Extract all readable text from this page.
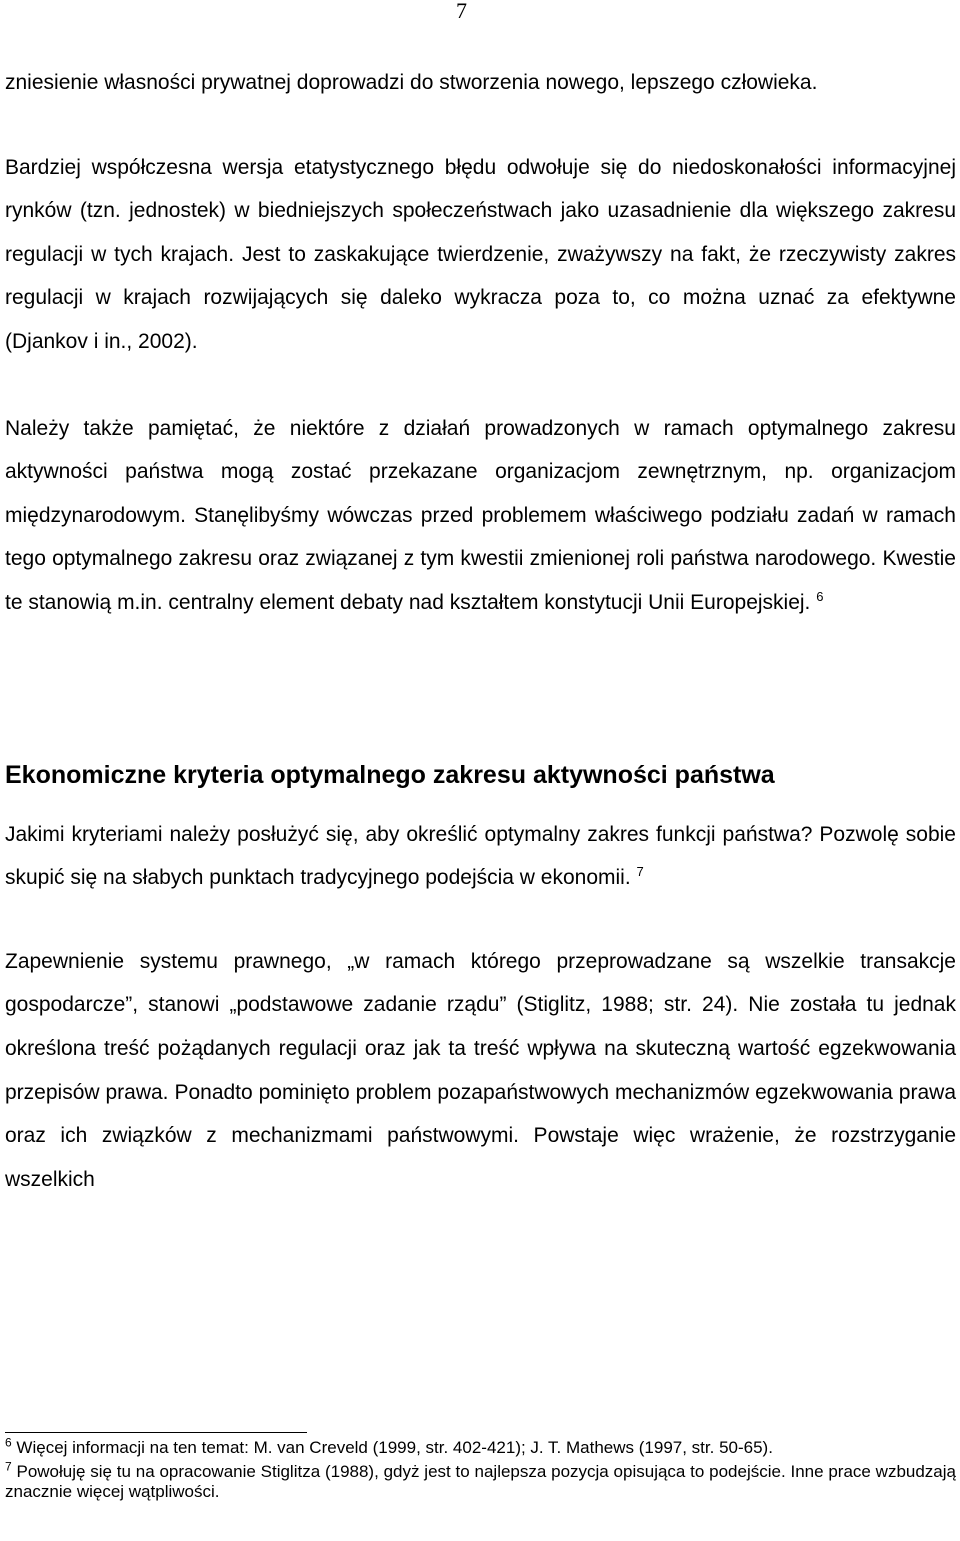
7

zniesienie własności prywatnej doprowadzi do stworzenia nowego, lepszego człowieka.

Bardziej współczesna wersja etatystycznego błędu odwołuje się do niedoskonałości informacyjnej rynków (tzn. jednostek) w biedniejszych społeczeństwach jako uzasadnienie dla większego zakresu regulacji w tych krajach. Jest to zaskakujące twierdzenie, zważywszy na fakt, że rzeczywisty zakres regulacji w krajach rozwijających się daleko wykracza poza to, co można uznać za efektywne (Djankov i in., 2002).

Należy także pamiętać, że niektóre z działań prowadzonych w ramach optymalnego zakresu aktywności państwa mogą zostać przekazane organizacjom zewnętrznym, np. organizacjom międzynarodowym. Stanęlibyśmy wówczas przed problemem właściwego podziału zadań w ramach tego optymalnego zakresu oraz związanej z tym kwestii zmienionej roli państwa narodowego. Kwestie te stanowią m.in. centralny element debaty nad kształtem konstytucji Unii Europejskiej. $^6$

Ekonomiczne kryteria optymalnego zakresu aktywności państwa

Jakimi kryteriami należy posłużyć się, aby określić optymalny zakres funkcji państwa? Pozwolę sobie skupić się na słabych punktach tradycyjnego podejścia w ekonomii. $^7$

Zapewnienie systemu prawnego, „w ramach którego przeprowadzane są wszelkie transakcje gospodarcze”, stanowi „podstawowe zadanie rządu” (Stiglitz, 1988; str. 24). Nie została tu jednak określona treść pożądanych regulacji oraz jak ta treść wpływa na skuteczną wartość egzekwowania przepisów prawa. Ponadto pominięto problem pozapaństwowych mechanizmów egzekwowania prawa oraz ich związków z mechanizmami państwowymi. Powstaje więc wrażenie, że rozstrzyganie wszelkich

$^6$ Więcej informacji na ten temat: M. van Creveld (1999, str. 402-421); J. T. Mathews (1997, str. 50-65).

$^7$ Powołuję się tu na opracowanie Stiglitza (1988), gdyż jest to najlepsza pozycja opisująca to podejście. Inne prace wzbudzają znacznie więcej wątpliwości.
